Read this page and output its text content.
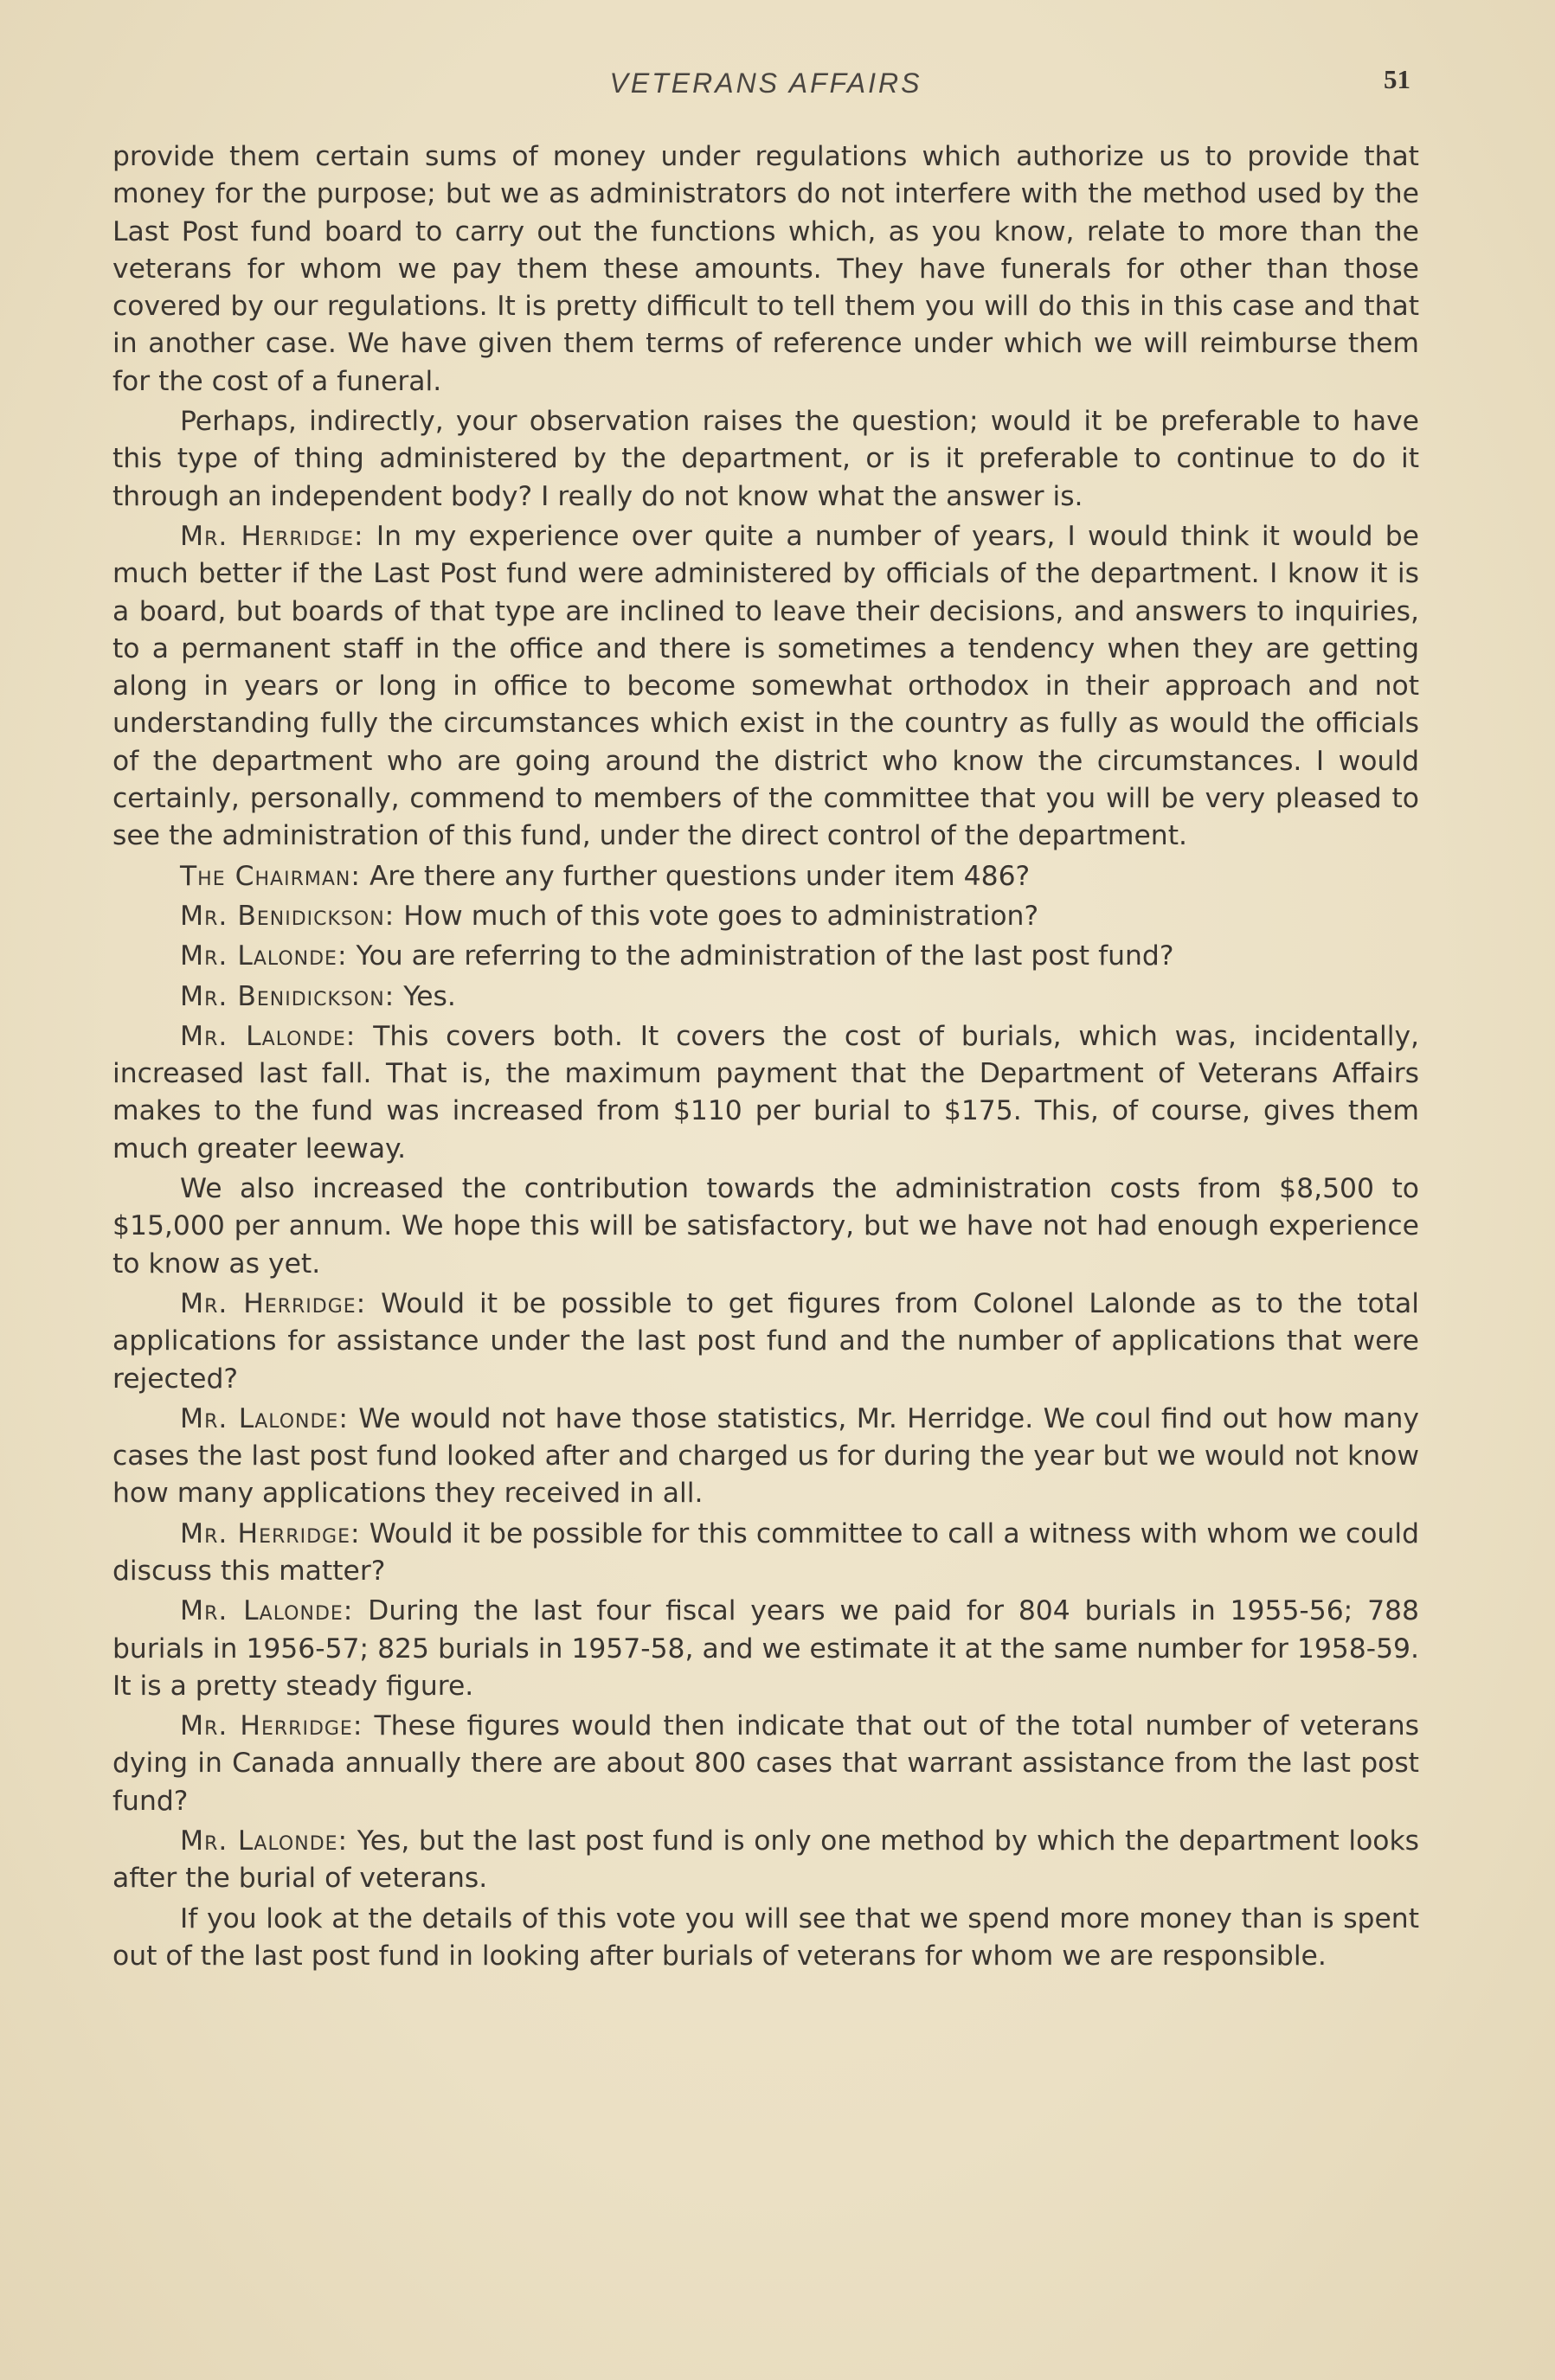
VETERANS AFFAIRS	51

provide them certain sums of money under regulations which authorize us to provide that money for the purpose; but we as administrators do not interfere with the method used by the Last Post fund board to carry out the functions which, as you know, relate to more than the veterans for whom we pay them these amounts. They have funerals for other than those covered by our regulations. It is pretty difficult to tell them you will do this in this case and that in another case. We have given them terms of reference under which we will reimburse them for the cost of a funeral.

Perhaps, indirectly, your observation raises the question; would it be preferable to have this type of thing administered by the department, or is it preferable to continue to do it through an independent body? I really do not know what the answer is.

Mr. Herridge: In my experience over quite a number of years, I would think it would be much better if the Last Post fund were administered by officials of the department. I know it is a board, but boards of that type are inclined to leave their decisions, and answers to inquiries, to a permanent staff in the office and there is sometimes a tendency when they are getting along in years or long in office to become somewhat orthodox in their approach and not understanding fully the circumstances which exist in the country as fully as would the officials of the department who are going around the district who know the circumstances. I would certainly, personally, commend to members of the committee that you will be very pleased to see the administration of this fund, under the direct control of the department.

The Chairman: Are there any further questions under item 486?

Mr. Benidickson: How much of this vote goes to administration?

Mr. Lalonde: You are referring to the administration of the last post fund?

Mr. Benidickson: Yes.

Mr. Lalonde: This covers both. It covers the cost of burials, which was, incidentally, increased last fall. That is, the maximum payment that the Department of Veterans Affairs makes to the fund was increased from $110 per burial to $175. This, of course, gives them much greater leeway.

We also increased the contribution towards the administration costs from $8,500 to $15,000 per annum. We hope this will be satisfactory, but we have not had enough experience to know as yet.

Mr. Herridge: Would it be possible to get figures from Colonel Lalonde as to the total applications for assistance under the last post fund and the number of applications that were rejected?

Mr. Lalonde: We would not have those statistics, Mr. Herridge. We coul find out how many cases the last post fund looked after and charged us for during the year but we would not know how many applications they received in all.

Mr. Herridge: Would it be possible for this committee to call a witness with whom we could discuss this matter?

Mr. Lalonde: During the last four fiscal years we paid for 804 burials in 1955-56; 788 burials in 1956-57; 825 burials in 1957-58, and we estimate it at the same number for 1958-59. It is a pretty steady figure.

Mr. Herridge: These figures would then indicate that out of the total number of veterans dying in Canada annually there are about 800 cases that warrant assistance from the last post fund?

Mr. Lalonde: Yes, but the last post fund is only one method by which the department looks after the burial of veterans.

If you look at the details of this vote you will see that we spend more money than is spent out of the last post fund in looking after burials of veterans for whom we are responsible.
